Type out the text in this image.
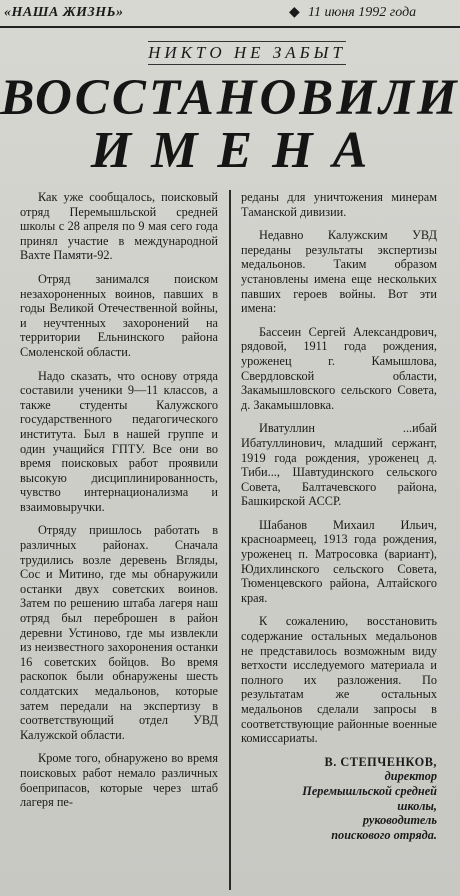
«НАША ЖИЗНЬ»	◆ 11 июня 1992 года
НИКТО НЕ ЗАБЫТ
ВОССТАНОВИЛИ
ИМЕНА

Как уже сообщалось, поисковый отряд Перемышльской средней школы с 28 апреля по 9 мая сего года принял участие в международной Вахте Памяти-92.

Отряд занимался поиском незахороненных воинов, павших в годы Великой Отечественной войны, и неучтенных захоронений на территории Ельнинского района Смоленской области.

Надо сказать, что основу отряда составили ученики 9—11 классов, а также студенты Калужского государственного педагогического института. Был в нашей группе и один учащийся ГПТУ. Все они во время поисковых работ проявили высокую дисциплинированность, чувство интернационализма и взаимовыручки.

Отряду пришлось работать в различных районах. Сначала трудились возле деревень Вгляды, Сос и Митино, где мы обнаружили останки двух советских воинов. Затем по решению штаба лагеря наш отряд был переброшен в район деревни Устиново, где мы извлекли из неизвестного захоронения останки 16 советских бойцов. Во время раскопок были обнаружены шесть солдатских медальонов, которые затем передали на экспертизу в соответствующий отдел УВД Калужской области.

Кроме того, обнаружено во время поисковых работ немало различных боеприпасов, которые через штаб лагеря пе-

реданы для уничтожения минерам Таманской дивизии.

Недавно Калужским УВД переданы результаты экспертизы медальонов. Таким образом установлены имена еще нескольких павших героев войны. Вот эти имена:

Бассеин Сергей Александрович, рядовой, 1911 года рождения, уроженец г. Камышлова, Свердловской области, Закамышловского сельского Совета, д. Закамышловка.

Иватуллин ...ибай Ибатуллинович, младший сержант, 1919 года рождения, уроженец д. Тиби..., Шавтудинского сельского Совета, Балтачевского района, Башкирской АССР.

Шабанов Михаил Ильич, красноармеец, 1913 года рождения, уроженец п. Матросовка (вариант), Юдихлинского сельского Совета, Тюменцевского района, Алтайского края.

К сожалению, восстановить содержание остальных медальонов не представилось возможным виду ветхости исследуемого материала и полного их разложения. По результатам же остальных медальонов сделали запросы в соответствующие районные военные комиссариаты.

В. СТЕПЧЕНКОВ,
директор
Перемышльской средней
школы,
руководитель
поискового отряда.
